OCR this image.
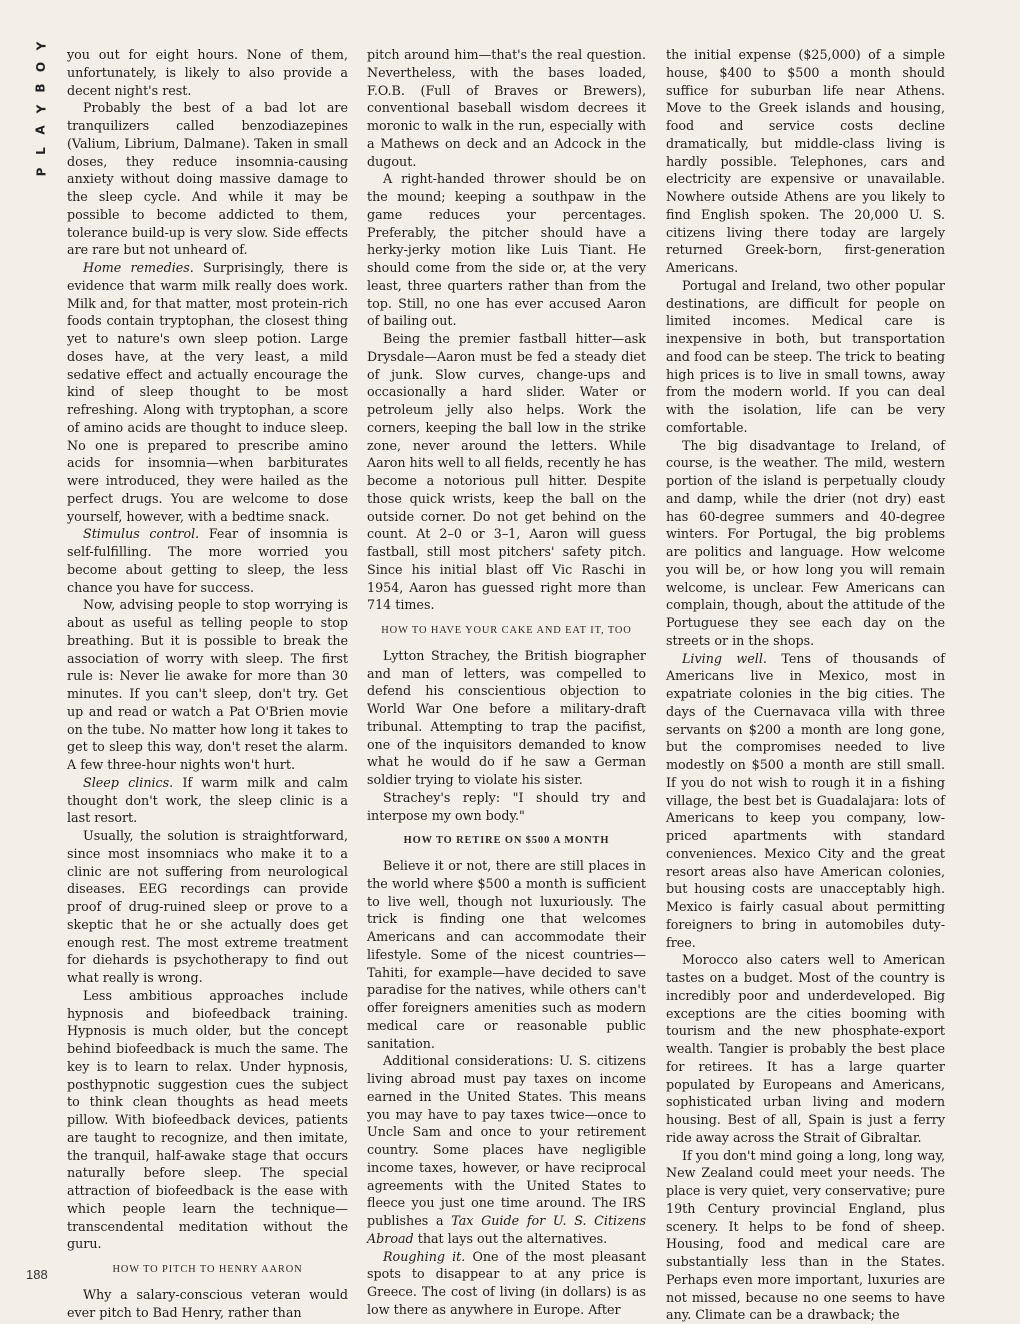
Y
O
B
Y
A
L
P
188

you out for eight hours. None of them, unfortunately, is likely to also provide a decent night's rest.

Probably the best of a bad lot are tranquilizers called benzodiazepines (Valium, Librium, Dalmane). Taken in small doses, they reduce insomnia-causing anxiety without doing massive damage to the sleep cycle. And while it may be possible to become addicted to them, tolerance build-up is very slow. Side effects are rare but not unheard of.

Home remedies. Surprisingly, there is evidence that warm milk really does work. Milk and, for that matter, most protein-rich foods contain tryptophan, the closest thing yet to nature's own sleep potion. Large doses have, at the very least, a mild sedative effect and actually encourage the kind of sleep thought to be most refreshing. Along with tryptophan, a score of amino acids are thought to induce sleep. No one is prepared to prescribe amino acids for insomnia—when barbiturates were introduced, they were hailed as the perfect drugs. You are welcome to dose yourself, however, with a bedtime snack.

Stimulus control. Fear of insomnia is self-fulfilling. The more worried you become about getting to sleep, the less chance you have for success.

Now, advising people to stop worrying is about as useful as telling people to stop breathing. But it is possible to break the association of worry with sleep. The first rule is: Never lie awake for more than 30 minutes. If you can't sleep, don't try. Get up and read or watch a Pat O'Brien movie on the tube. No matter how long it takes to get to sleep this way, don't reset the alarm. A few three-hour nights won't hurt.

Sleep clinics. If warm milk and calm thought don't work, the sleep clinic is a last resort.

Usually, the solution is straightforward, since most insomniacs who make it to a clinic are not suffering from neurological diseases. EEG recordings can provide proof of drug-ruined sleep or prove to a skeptic that he or she actually does get enough rest. The most extreme treatment for diehards is psychotherapy to find out what really is wrong.

Less ambitious approaches include hypnosis and biofeedback training. Hypnosis is much older, but the concept behind biofeedback is much the same. The key is to learn to relax. Under hypnosis, posthypnotic suggestion cues the subject to think clean thoughts as head meets pillow. With biofeedback devices, patients are taught to recognize, and then imitate, the tranquil, half-awake stage that occurs naturally before sleep. The special attraction of biofeedback is the ease with which people learn the technique—transcendental meditation without the guru.

HOW TO PITCH TO HENRY AARON

Why a salary-conscious veteran would ever pitch to Bad Henry, rather than

pitch around him—that's the real question. Nevertheless, with the bases loaded, F.O.B. (Full of Braves or Brewers), conventional baseball wisdom decrees it moronic to walk in the run, especially with a Mathews on deck and an Adcock in the dugout.

A right-handed thrower should be on the mound; keeping a southpaw in the game reduces your percentages. Preferably, the pitcher should have a herky-jerky motion like Luis Tiant. He should come from the side or, at the very least, three quarters rather than from the top. Still, no one has ever accused Aaron of bailing out.

Being the premier fastball hitter—ask Drysdale—Aaron must be fed a steady diet of junk. Slow curves, change-ups and occasionally a hard slider. Water or petroleum jelly also helps. Work the corners, keeping the ball low in the strike zone, never around the letters. While Aaron hits well to all fields, recently he has become a notorious pull hitter. Despite those quick wrists, keep the ball on the outside corner. Do not get behind on the count. At 2–0 or 3–1, Aaron will guess fastball, still most pitchers' safety pitch. Since his initial blast off Vic Raschi in 1954, Aaron has guessed right more than 714 times.

HOW TO HAVE YOUR CAKE AND EAT IT, TOO

Lytton Strachey, the British biographer and man of letters, was compelled to defend his conscientious objection to World War One before a military-draft tribunal. Attempting to trap the pacifist, one of the inquisitors demanded to know what he would do if he saw a German soldier trying to violate his sister.

Strachey's reply: "I should try and interpose my own body."

HOW TO RETIRE ON $500 A MONTH

Believe it or not, there are still places in the world where $500 a month is sufficient to live well, though not luxuriously. The trick is finding one that welcomes Americans and can accommodate their lifestyle. Some of the nicest countries—Tahiti, for example—have decided to save paradise for the natives, while others can't offer foreigners amenities such as modern medical care or reasonable public sanitation.

Additional considerations: U. S. citizens living abroad must pay taxes on income earned in the United States. This means you may have to pay taxes twice—once to Uncle Sam and once to your retirement country. Some places have negligible income taxes, however, or have reciprocal agreements with the United States to fleece you just one time around. The IRS publishes a Tax Guide for U. S. Citizens Abroad that lays out the alternatives.

Roughing it. One of the most pleasant spots to disappear to at any price is Greece. The cost of living (in dollars) is as low there as anywhere in Europe. After

the initial expense ($25,000) of a simple house, $400 to $500 a month should suffice for suburban life near Athens. Move to the Greek islands and housing, food and service costs decline dramatically, but middle-class living is hardly possible. Telephones, cars and electricity are expensive or unavailable. Nowhere outside Athens are you likely to find English spoken. The 20,000 U. S. citizens living there today are largely returned Greek-born, first-generation Americans.

Portugal and Ireland, two other popular destinations, are difficult for people on limited incomes. Medical care is inexpensive in both, but transportation and food can be steep. The trick to beating high prices is to live in small towns, away from the modern world. If you can deal with the isolation, life can be very comfortable.

The big disadvantage to Ireland, of course, is the weather. The mild, western portion of the island is perpetually cloudy and damp, while the drier (not dry) east has 60-degree summers and 40-degree winters. For Portugal, the big problems are politics and language. How welcome you will be, or how long you will remain welcome, is unclear. Few Americans can complain, though, about the attitude of the Portuguese they see each day on the streets or in the shops.

Living well. Tens of thousands of Americans live in Mexico, most in expatriate colonies in the big cities. The days of the Cuernavaca villa with three servants on $200 a month are long gone, but the compromises needed to live modestly on $500 a month are still small. If you do not wish to rough it in a fishing village, the best bet is Guadalajara: lots of Americans to keep you company, low-priced apartments with standard conveniences. Mexico City and the great resort areas also have American colonies, but housing costs are unacceptably high. Mexico is fairly casual about permitting foreigners to bring in automobiles duty-free.

Morocco also caters well to American tastes on a budget. Most of the country is incredibly poor and underdeveloped. Big exceptions are the cities booming with tourism and the new phosphate-export wealth. Tangier is probably the best place for retirees. It has a large quarter populated by Europeans and Americans, sophisticated urban living and modern housing. Best of all, Spain is just a ferry ride away across the Strait of Gibraltar.

If you don't mind going a long, long way, New Zealand could meet your needs. The place is very quiet, very conservative; pure 19th Century provincial England, plus scenery. It helps to be fond of sheep. Housing, food and medical care are substantially less than in the States. Perhaps even more important, luxuries are not missed, because no one seems to have any. Climate can be a drawback; the
